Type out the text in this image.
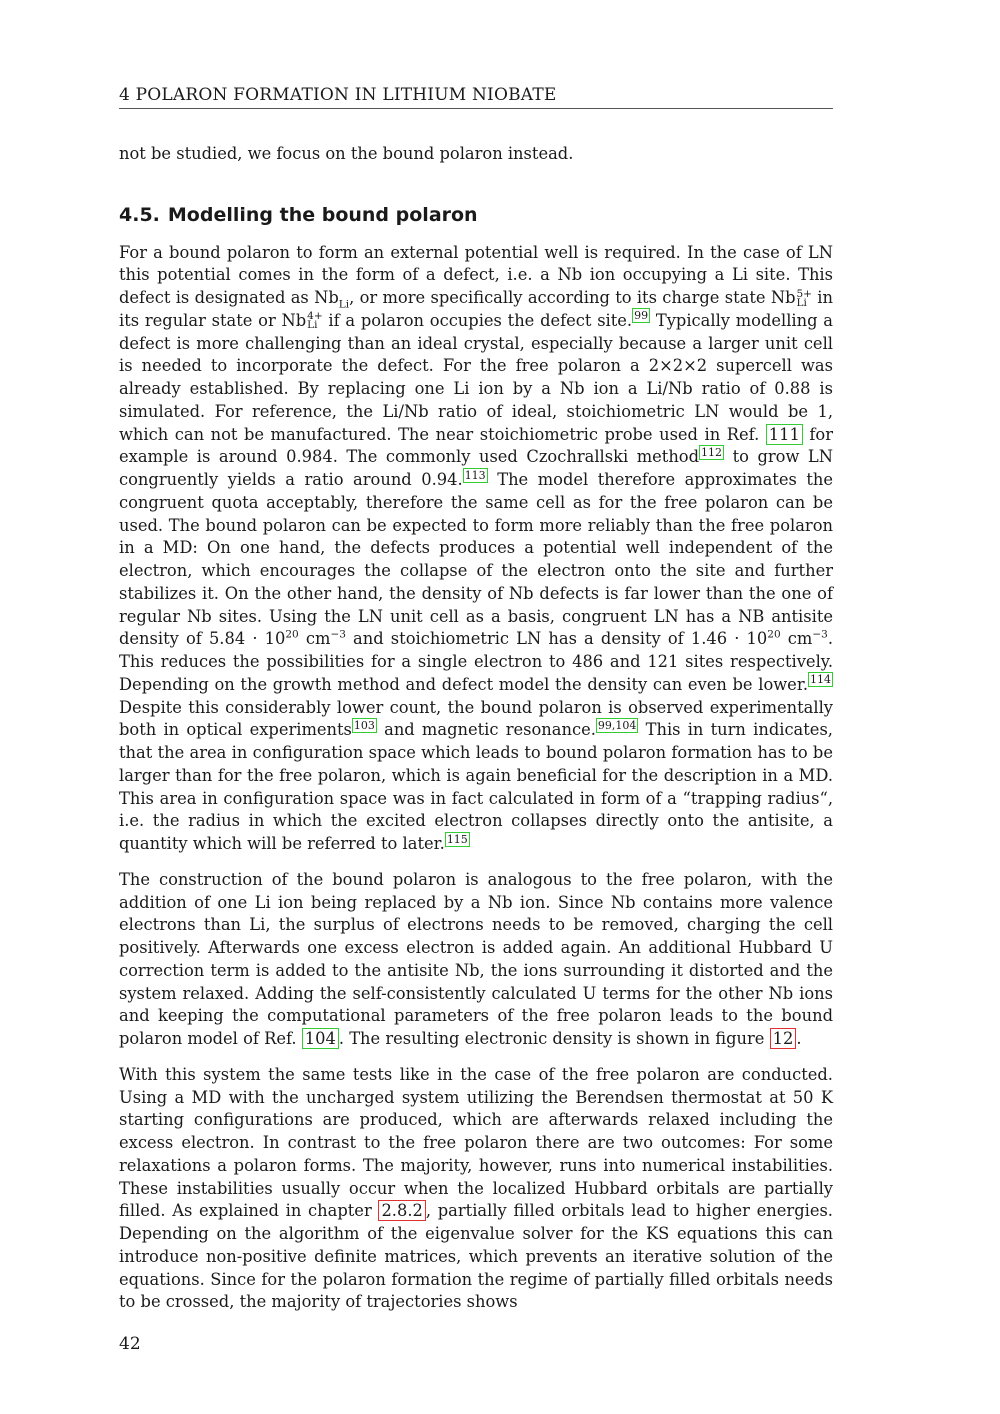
4 POLARON FORMATION IN LITHIUM NIOBATE

not be studied, we focus on the bound polaron instead.

4.5. Modelling the bound polaron

For a bound polaron to form an external potential well is required. In the case of LN this potential comes in the form of a defect, i.e. a Nb ion occupying a Li site. This defect is designated as $Nb_{Li}$, or more specifically according to its charge state Nb 5+
Li in its regular state or Nb 4+
Li if a polaron occupies the defect site. $^{99}$ Typically modelling a defect is more challenging than an ideal crystal, especially because a larger unit cell is needed to incorporate the defect. For the free polaron a 2×2×2 supercell was already established. By replacing one Li ion by a Nb ion a Li/Nb ratio of 0.88 is simulated. For reference, the Li/Nb ratio of ideal, stoichiometric LN would be 1, which can not be manufactured. The near stoichiometric probe used in Ref. 111 for example is around 0.984. The commonly used Czochrallski method $^{112}$ to grow LN congruently yields a ratio around 0.94. $^{113}$ The model therefore approximates the congruent quota acceptably, therefore the same cell as for the free polaron can be used. The bound polaron can be expected to form more reliably than the free polaron in a MD: On one hand, the defects produces a potential well independent of the electron, which encourages the collapse of the electron onto the site and further stabilizes it. On the other hand, the density of Nb defects is far lower than the one of regular Nb sites. Using the LN unit cell as a basis, congruent LN has a NB antisite density of $5.84 \cdot 10^{20}$ $cm^{-3}$ and stoichiometric LN has a density of $1.46 \cdot 10^{20}$ $cm^{-3}$. This reduces the possibilities for a single electron to 486 and 121 sites respectively. Depending on the growth method and defect model the density can even be lower. $^{114}$ Despite this considerably lower count, the bound polaron is observed experimentally both in optical experiments $^{103}$ and magnetic resonance. $^{99,104}$ This in turn indicates, that the area in configuration space which leads to bound polaron formation has to be larger than for the free polaron, which is again beneficial for the description in a MD. This area in configuration space was in fact calculated in form of a “trapping radius“, i.e. the radius in which the excited electron collapses directly onto the antisite, a quantity which will be referred to later. $^{115}$

The construction of the bound polaron is analogous to the free polaron, with the addition of one Li ion being replaced by a Nb ion. Since Nb contains more valence electrons than Li, the surplus of electrons needs to be removed, charging the cell positively. Afterwards one excess electron is added again. An additional Hubbard U correction term is added to the antisite Nb, the ions surrounding it distorted and the system relaxed. Adding the self-consistently calculated U terms for the other Nb ions and keeping the computational parameters of the free polaron leads to the bound polaron model of Ref. 104 . The resulting electronic density is shown in figure 12 .

With this system the same tests like in the case of the free polaron are conducted. Using a MD with the uncharged system utilizing the Berendsen thermostat at 50 K starting configurations are produced, which are afterwards relaxed including the excess electron. In contrast to the free polaron there are two outcomes: For some relaxations a polaron forms. The majority, however, runs into numerical instabilities. These instabilities usually occur when the localized Hubbard orbitals are partially filled. As explained in chapter 2.8.2 , partially filled orbitals lead to higher energies. Depending on the algorithm of the eigenvalue solver for the KS equations this can introduce non-positive definite matrices, which prevents an iterative solution of the equations. Since for the polaron formation the regime of partially filled orbitals needs to be crossed, the majority of trajectories shows

42
